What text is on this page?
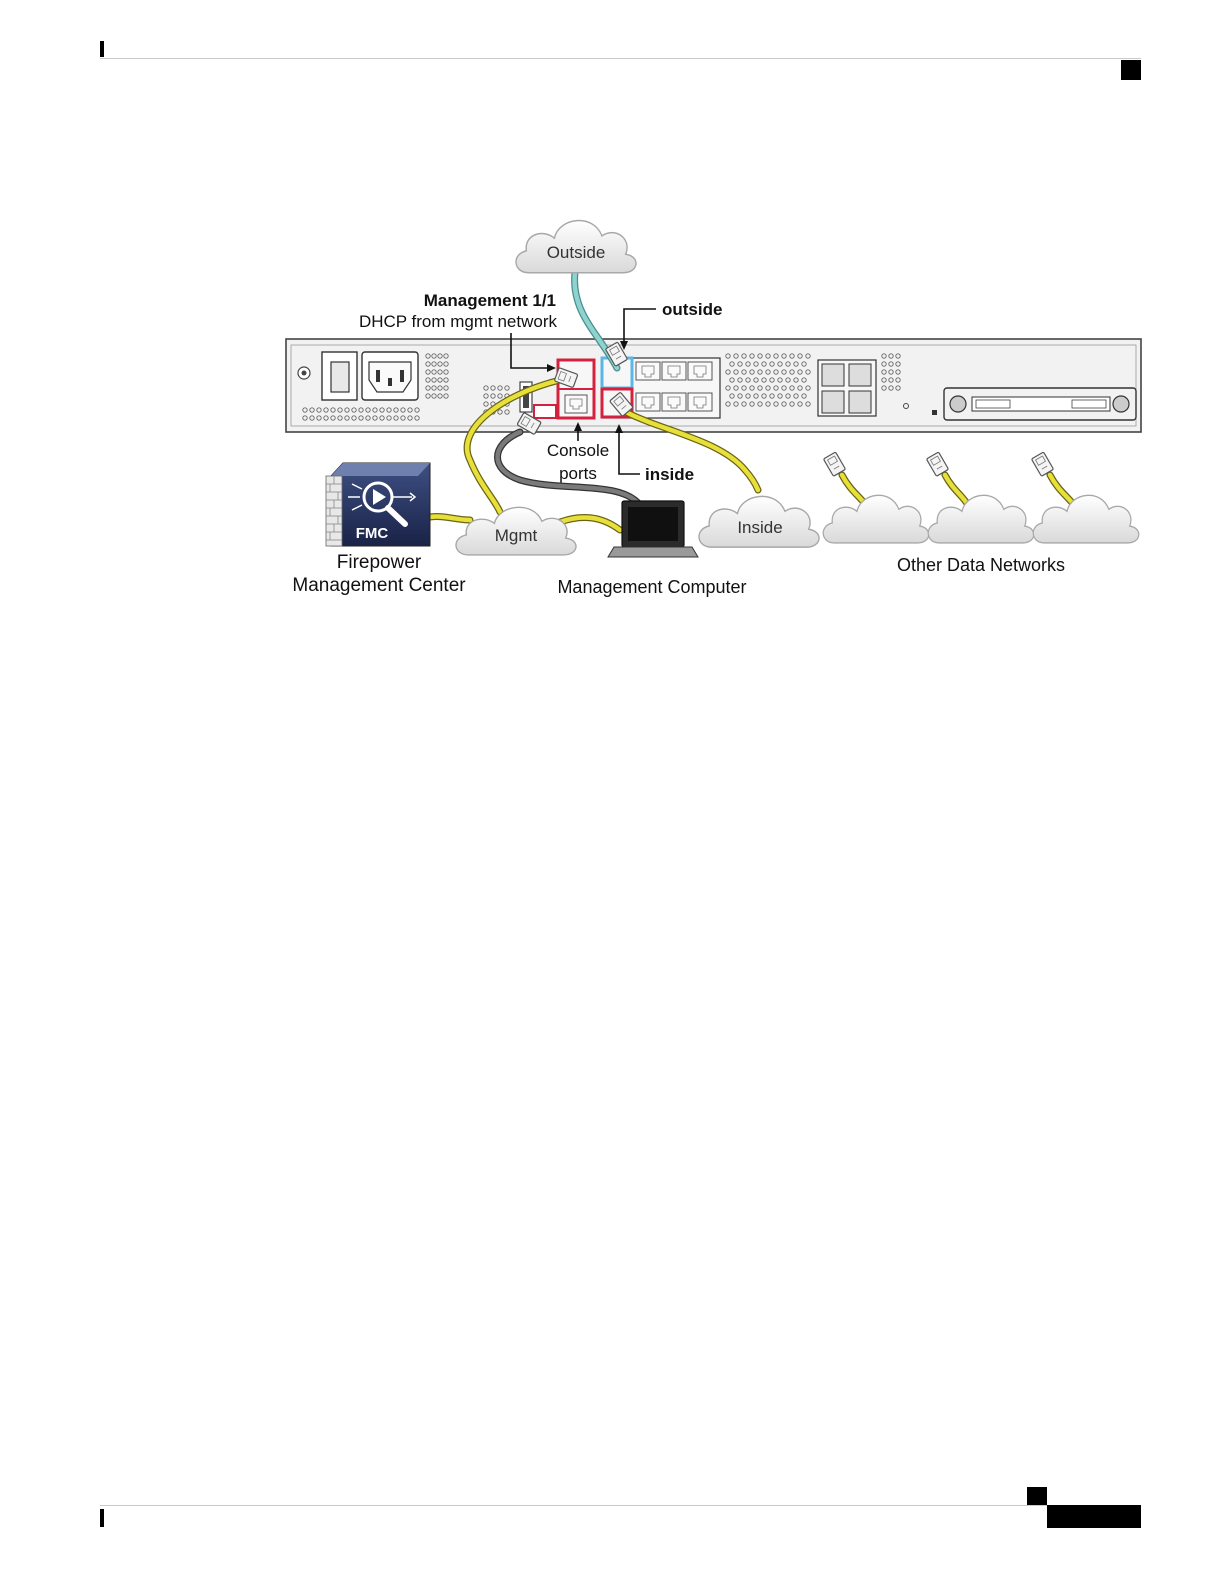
Outside
Mgmt	Inside
FMC
Management 1/1
DHCP from mgmt network
outside
inside
Console
ports
Firepower
Management Center	Management Computer
Other Data Networks
